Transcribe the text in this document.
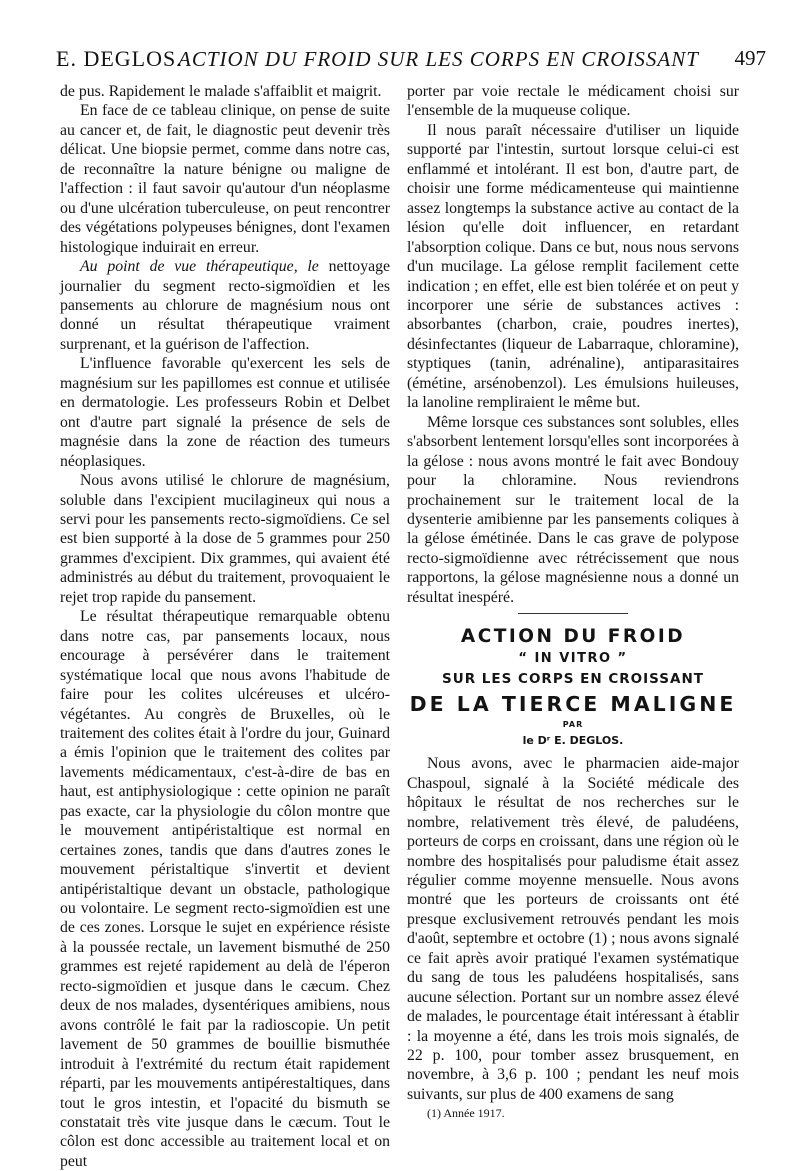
E. DEGLOS.
ACTION DU FROID SUR LES CORPS EN CROISSANT 497

de pus. Rapidement le malade s'affaiblit et maigrit.

En face de ce tableau clinique, on pense de suite au cancer et, de fait, le diagnostic peut devenir très délicat. Une biopsie permet, comme dans notre cas, de reconnaître la nature bénigne ou maligne de l'affection : il faut savoir qu'autour d'un néoplasme ou d'une ulcération tuberculeuse, on peut rencontrer des végétations polypeuses bénignes, dont l'examen histologique induirait en erreur.

Au point de vue thérapeutique, le nettoyage journalier du segment recto-sigmoïdien et les pansements au chlorure de magnésium nous ont donné un résultat thérapeutique vraiment surprenant, et la guérison de l'affection.

L'influence favorable qu'exercent les sels de magnésium sur les papillomes est connue et utilisée en dermatologie. Les professeurs Robin et Delbet ont d'autre part signalé la présence de sels de magnésie dans la zone de réaction des tumeurs néoplasiques.

Nous avons utilisé le chlorure de magnésium, soluble dans l'excipient mucilagineux qui nous a servi pour les pansements recto-sigmoïdiens. Ce sel est bien supporté à la dose de 5 grammes pour 250 grammes d'excipient. Dix grammes, qui avaient été administrés au début du traitement, provoquaient le rejet trop rapide du pansement.

Le résultat thérapeutique remarquable obtenu dans notre cas, par pansements locaux, nous encourage à persévérer dans le traitement systématique local que nous avons l'habitude de faire pour les colites ulcéreuses et ulcéro-végétantes. Au congrès de Bruxelles, où le traitement des colites était à l'ordre du jour, Guinard a émis l'opinion que le traitement des colites par lavements médicamentaux, c'est-à-dire de bas en haut, est antiphysiologique : cette opinion ne paraît pas exacte, car la physiologie du côlon montre que le mouvement antipéristaltique est normal en certaines zones, tandis que dans d'autres zones le mouvement péristaltique s'invertit et devient antipéristaltique devant un obstacle, pathologique ou volontaire. Le segment recto-sigmoïdien est une de ces zones. Lorsque le sujet en expérience résiste à la poussée rectale, un lavement bismuthé de 250 grammes est rejeté rapidement au delà de l'éperon recto-sigmoïdien et jusque dans le cæcum. Chez deux de nos malades, dysentériques amibiens, nous avons contrôlé le fait par la radioscopie. Un petit lavement de 50 grammes de bouillie bismuthée introduit à l'extrémité du rectum était rapidement réparti, par les mouvements antipérestaltiques, dans tout le gros intestin, et l'opacité du bismuth se constatait très vite jusque dans le cæcum. Tout le côlon est donc accessible au traitement local et on peut

porter par voie rectale le médicament choisi sur l'ensemble de la muqueuse colique.

Il nous paraît nécessaire d'utiliser un liquide supporté par l'intestin, surtout lorsque celui-ci est enflammé et intolérant. Il est bon, d'autre part, de choisir une forme médicamenteuse qui maintienne assez longtemps la substance active au contact de la lésion qu'elle doit influencer, en retardant l'absorption colique. Dans ce but, nous nous servons d'un mucilage. La gélose remplit facilement cette indication ; en effet, elle est bien tolérée et on peut y incorporer une série de substances actives : absorbantes (charbon, craie, poudres inertes), désinfectantes (liqueur de Labarraque, chloramine), styptiques (tanin, adrénaline), antiparasitaires (émétine, arsénobenzol). Les émulsions huileuses, la lanoline rempliraient le même but.

Même lorsque ces substances sont solubles, elles s'absorbent lentement lorsqu'elles sont incorporées à la gélose : nous avons montré le fait avec Bondouy pour la chloramine. Nous reviendrons prochainement sur le traitement local de la dysenterie amibienne par les pansements coliques à la gélose émétinée. Dans le cas grave de polypose recto-sigmoïdienne avec rétrécissement que nous rapportons, la gélose magnésienne nous a donné un résultat inespéré.

ACTION DU FROID
“ IN VITRO ”
SUR LES CORPS EN CROISSANT
DE LA TIERCE MALIGNE
PAR
le Dʳ E. DEGLOS.

Nous avons, avec le pharmacien aide-major Chaspoul, signalé à la Société médicale des hôpitaux le résultat de nos recherches sur le nombre, relativement très élevé, de paludéens, porteurs de corps en croissant, dans une région où le nombre des hospitalisés pour paludisme était assez régulier comme moyenne mensuelle. Nous avons montré que les porteurs de croissants ont été presque exclusivement retrouvés pendant les mois d'août, septembre et octobre (1) ; nous avons signalé ce fait après avoir pratiqué l'examen systématique du sang de tous les paludéens hospitalisés, sans aucune sélection. Portant sur un nombre assez élevé de malades, le pourcentage était intéressant à établir : la moyenne a été, dans les trois mois signalés, de 22 p. 100, pour tomber assez brusquement, en novembre, à 3,6 p. 100 ; pendant les neuf mois suivants, sur plus de 400 examens de sang

(1) Année 1917.
